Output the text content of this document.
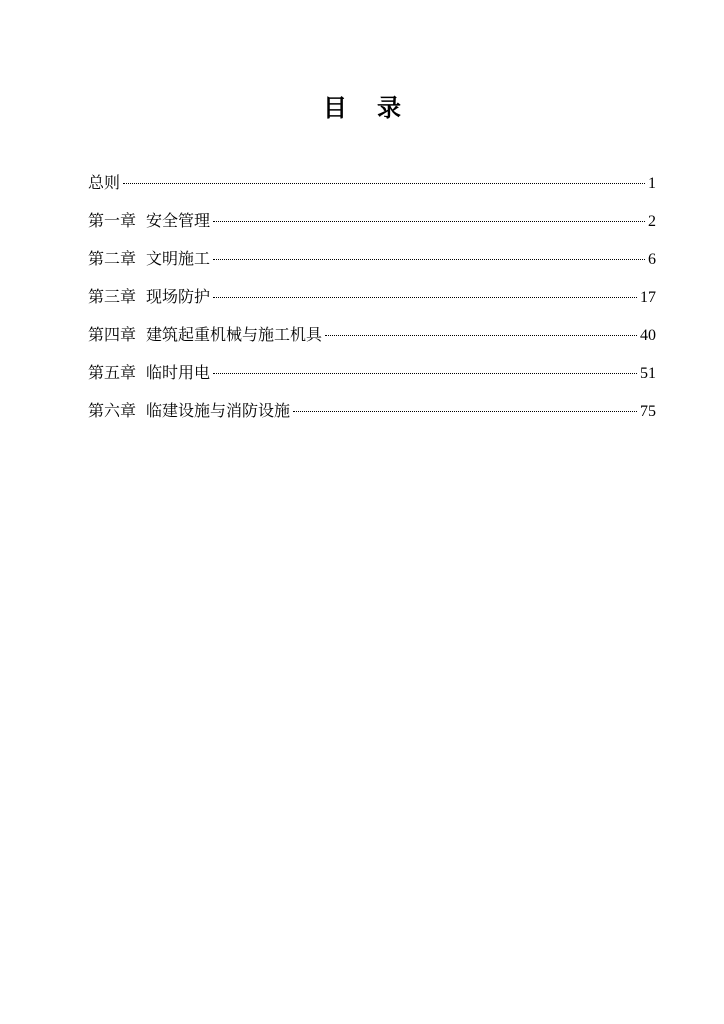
目 录
总则	1
第一章 安全管理	2
第二章 文明施工	6
第三章 现场防护	17
第四章 建筑起重机械与施工机具	40
第五章 临时用电	51
第六章 临建设施与消防设施	75
